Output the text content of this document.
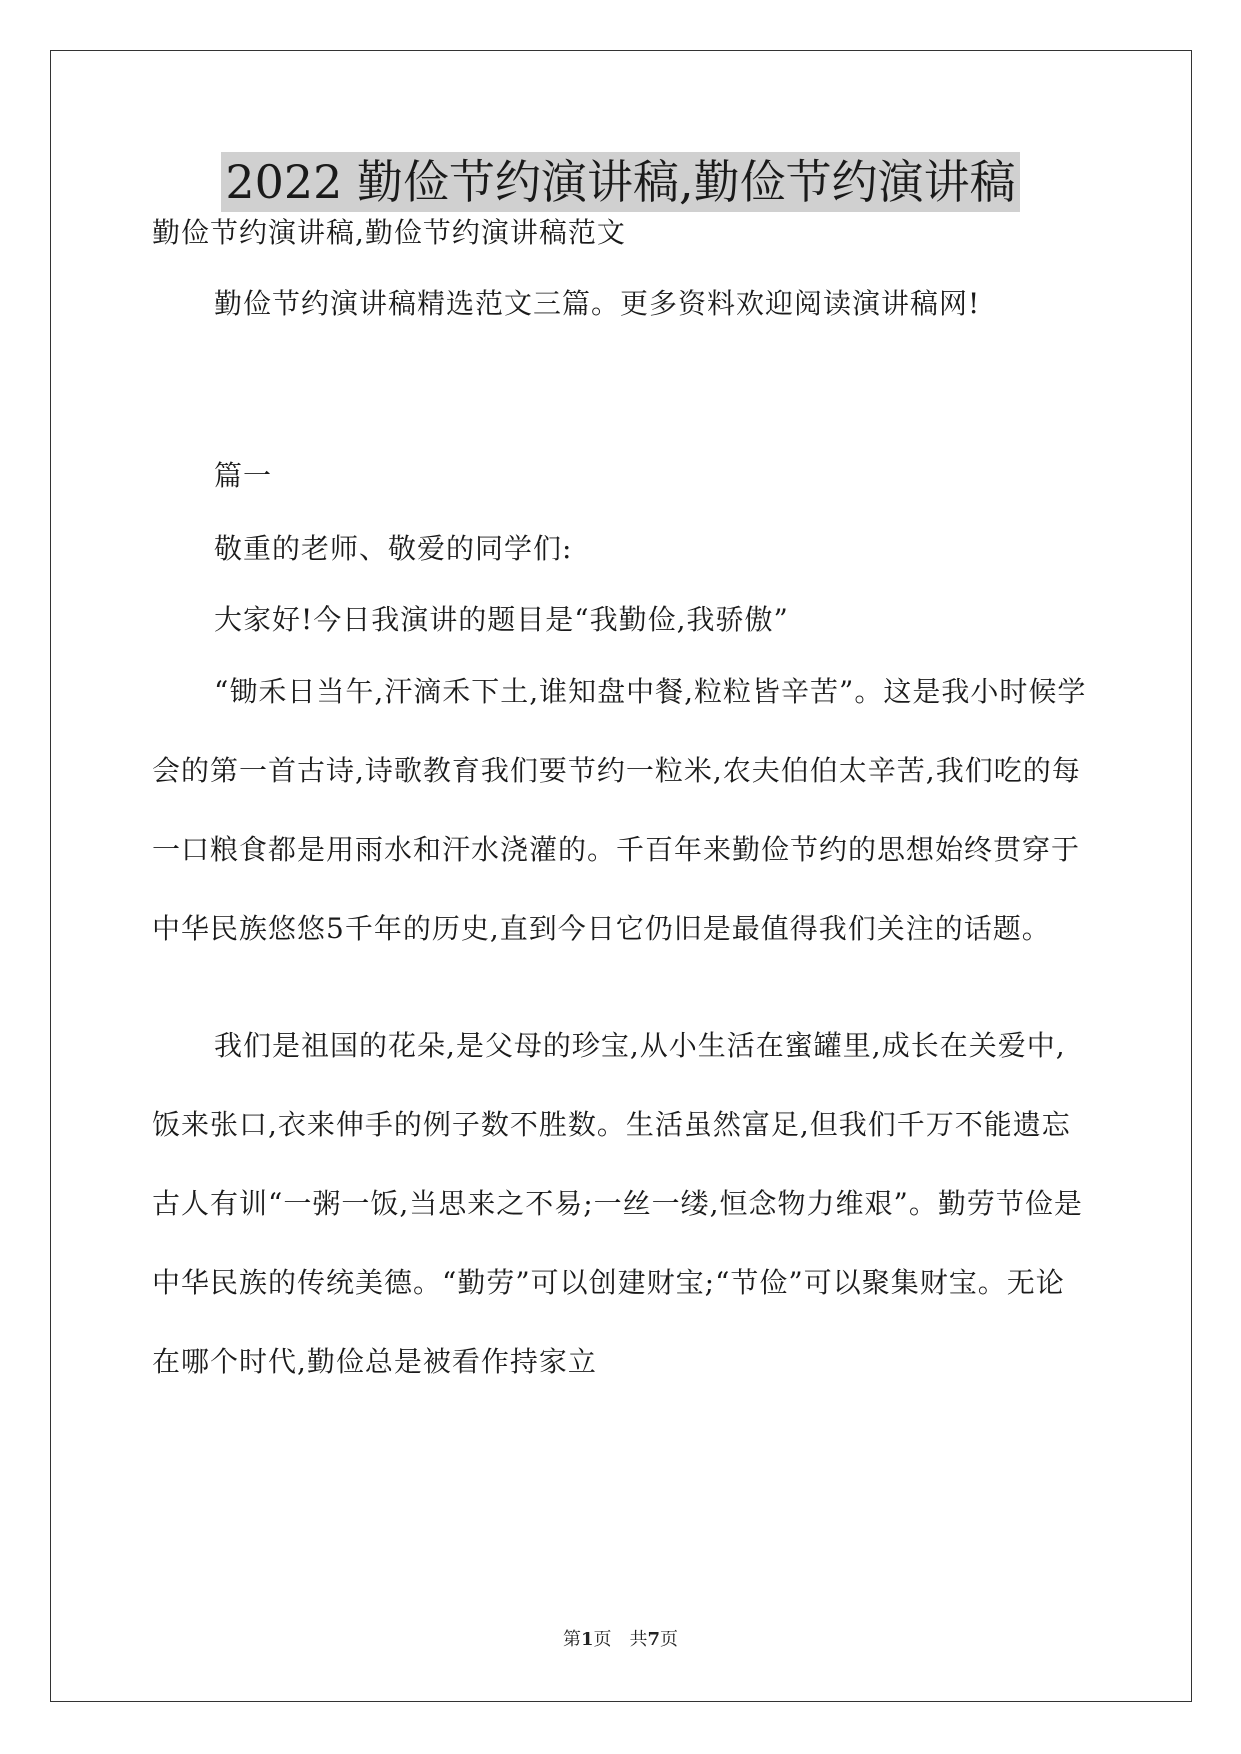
2022 勤俭节约演讲稿,勤俭节约演讲稿

勤俭节约演讲稿,勤俭节约演讲稿范文

勤俭节约演讲稿精选范文三篇。更多资料欢迎阅读演讲稿网!

篇一

敬重的老师、敬爱的同学们:

大家好!今日我演讲的题目是“我勤俭,我骄傲”

“锄禾日当午,汗滴禾下土,谁知盘中餐,粒粒皆辛苦”。这是我小时候学会的第一首古诗,诗歌教育我们要节约一粒米,农夫伯伯太辛苦,我们吃的每一口粮食都是用雨水和汗水浇灌的。千百年来勤俭节约的思想始终贯穿于中华民族悠悠5千年的历史,直到今日它仍旧是最值得我们关注的话题。

我们是祖国的花朵,是父母的珍宝,从小生活在蜜罐里,成长在关爱中,饭来张口,衣来伸手的例子数不胜数。生活虽然富足,但我们千万不能遗忘古人有训“一粥一饭,当思来之不易;一丝一缕,恒念物力维艰”。勤劳节俭是中华民族的传统美德。“勤劳”可以创建财宝;“节俭”可以聚集财宝。无论在哪个时代,勤俭总是被看作持家立

第1页　共7页
